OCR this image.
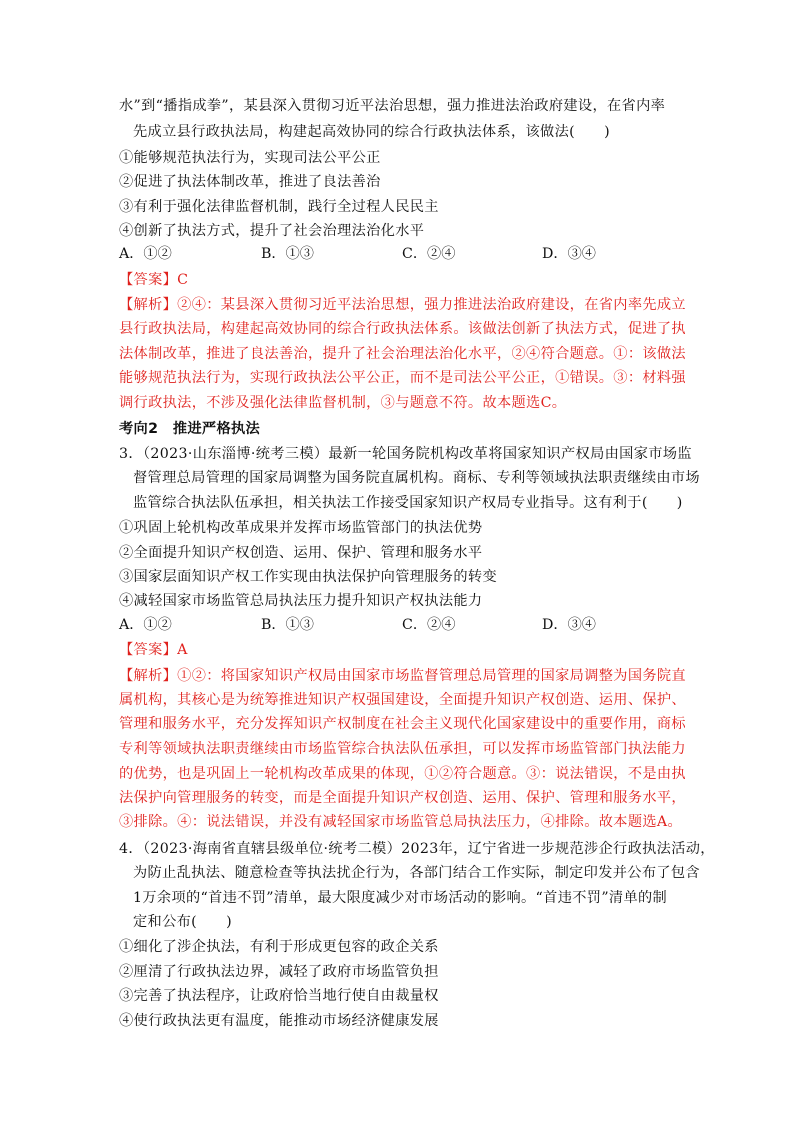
水”到“播指成拳”，某县深入贯彻习近平法治思想，强力推进法治政府建设，在省内率
先成立县行政执法局，构建起高效协同的综合行政执法体系，该做法(　　)
①能够规范执法行为，实现司法公平公正
②促进了执法体制改革，推进了良法善治
③有利于强化法律监督机制，践行全过程人民民主
④创新了执法方式，提升了社会治理法治化水平
A．①②	B．①③	C．②④	D．③④
【答案】C
【解析】②④：某县深入贯彻习近平法治思想，强力推进法治政府建设，在省内率先成立
县行政执法局，构建起高效协同的综合行政执法体系。该做法创新了执法方式，促进了执
法体制改革，推进了良法善治，提升了社会治理法治化水平，②④符合题意。①：该做法
能够规范执法行为，实现行政执法公平公正，而不是司法公平公正，①错误。③：材料强
调行政执法，不涉及强化法律监督机制，③与题意不符。故本题选C。
考向2　推进严格执法
3．（2023·山东淄博·统考三模）最新一轮国务院机构改革将国家知识产权局由国家市场监
督管理总局管理的国家局调整为国务院直属机构。商标、专利等领域执法职责继续由市场
监管综合执法队伍承担，相关执法工作接受国家知识产权局专业指导。这有利于(　　)
①巩固上轮机构改革成果并发挥市场监管部门的执法优势
②全面提升知识产权创造、运用、保护、管理和服务水平
③国家层面知识产权工作实现由执法保护向管理服务的转变
④减轻国家市场监管总局执法压力提升知识产权执法能力
A．①②	B．①③	C．②④	D．③④
【答案】A
【解析】①②：将国家知识产权局由国家市场监督管理总局管理的国家局调整为国务院直
属机构，其核心是为统筹推进知识产权强国建设，全面提升知识产权创造、运用、保护、
管理和服务水平，充分发挥知识产权制度在社会主义现代化国家建设中的重要作用，商标
专利等领域执法职责继续由市场监管综合执法队伍承担，可以发挥市场监管部门执法能力
的优势，也是巩固上一轮机构改革成果的体现，①②符合题意。③：说法错误，不是由执
法保护向管理服务的转变，而是全面提升知识产权创造、运用、保护、管理和服务水平，
③排除。④：说法错误，并没有减轻国家市场监管总局执法压力，④排除。故本题选A。
4．（2023·海南省直辖县级单位·统考二模）2023年，辽宁省进一步规范涉企行政执法活动，
为防止乱执法、随意检查等执法扰企行为，各部门结合工作实际，制定印发并公布了包含
1万余项的“首违不罚”清单，最大限度减少对市场活动的影响。“首违不罚”清单的制
定和公布(　　)
①细化了涉企执法，有利于形成更包容的政企关系
②厘清了行政执法边界，减轻了政府市场监管负担
③完善了执法程序，让政府恰当地行使自由裁量权
④使行政执法更有温度，能推动市场经济健康发展
